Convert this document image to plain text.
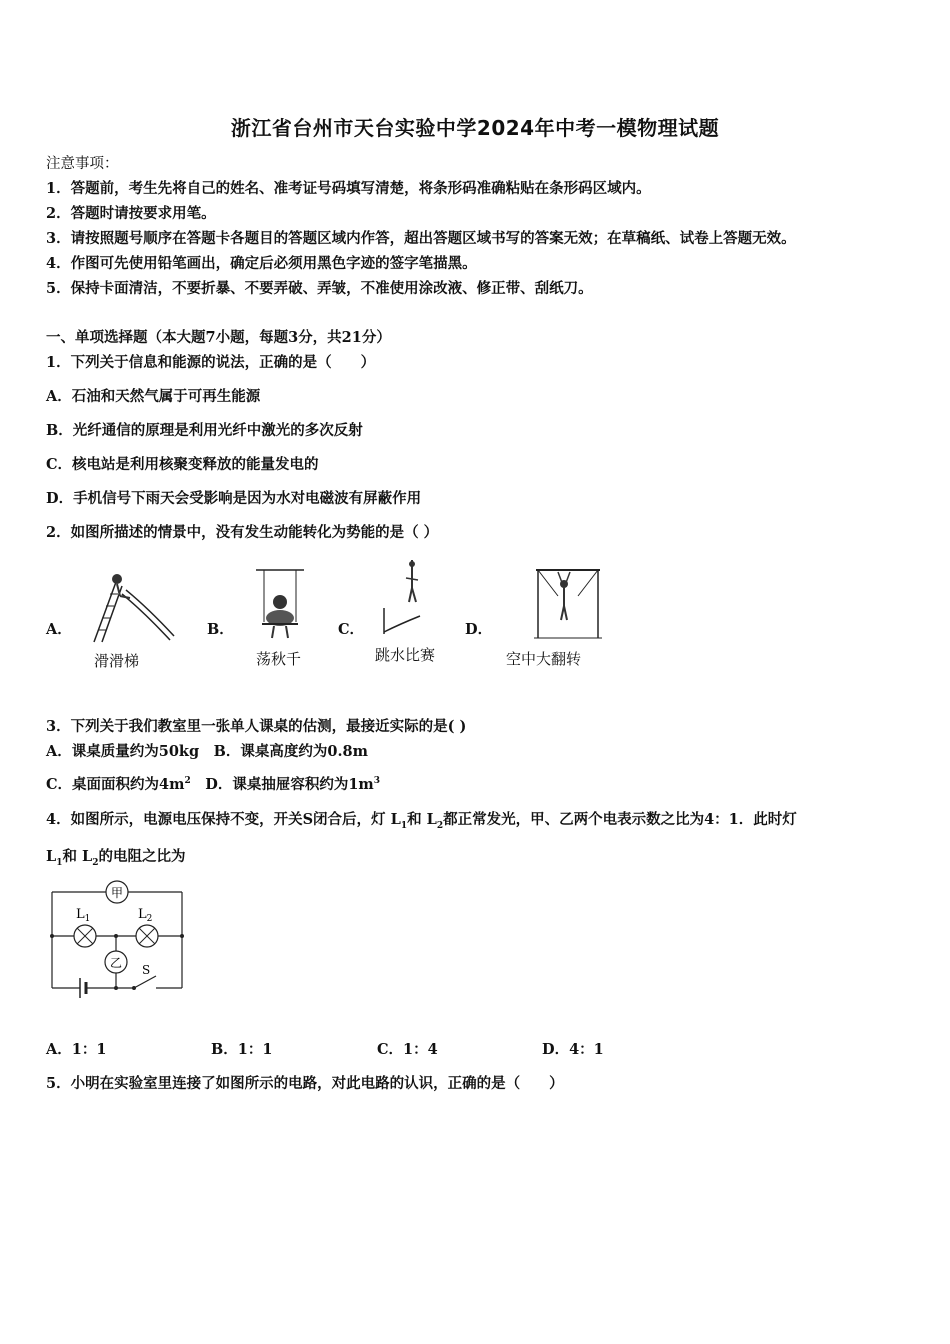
浙江省台州市天台实验中学2024年中考一模物理试题
注意事项：
1．答题前，考生先将自己的姓名、准考证号码填写清楚，将条形码准确粘贴在条形码区域内。
2．答题时请按要求用笔。
3．请按照题号顺序在答题卡各题目的答题区域内作答，超出答题区域书写的答案无效；在草稿纸、试卷上答题无效。
4．作图可先使用铅笔画出，确定后必须用黑色字迹的签字笔描黑。
5．保持卡面清洁，不要折暴、不要弄破、弄皱，不准使用涂改液、修正带、刮纸刀。
一、单项选择题（本大题7小题，每题3分，共21分）
1．下列关于信息和能源的说法，正确的是（　　）
A．石油和天然气属于可再生能源
B．光纤通信的原理是利用光纤中激光的多次反射
C．核电站是利用核聚变释放的能量发电的
D．手机信号下雨天会受影响是因为水对电磁波有屏蔽作用
2．如图所描述的情景中，没有发生动能转化为势能的是（ ）
A．
滑滑梯
B．
荡秋千
C．
跳水比赛
D．
空中大翻转
3．下列关于我们教室里一张单人课桌的估测，最接近实际的是( )
A．课桌质量约为50kg　B．课桌高度约为0.8m
C．桌面面积约为$4m^2$　D．课桌抽屉容积约为$1m^3$
4．如图所示，电源电压保持不变，开关S闭合后，灯 $L_1$和 $L_2$都正常发光，甲、乙两个电表示数之比为4：1．此时灯
$L_1$和 $L_2$的电阻之比为
甲
$L_1$	$L_2$
乙 S
A．1：1	B．1：1	C．1：4	D．4：1
5．小明在实验室里连接了如图所示的电路，对此电路的认识，正确的是（　　）
